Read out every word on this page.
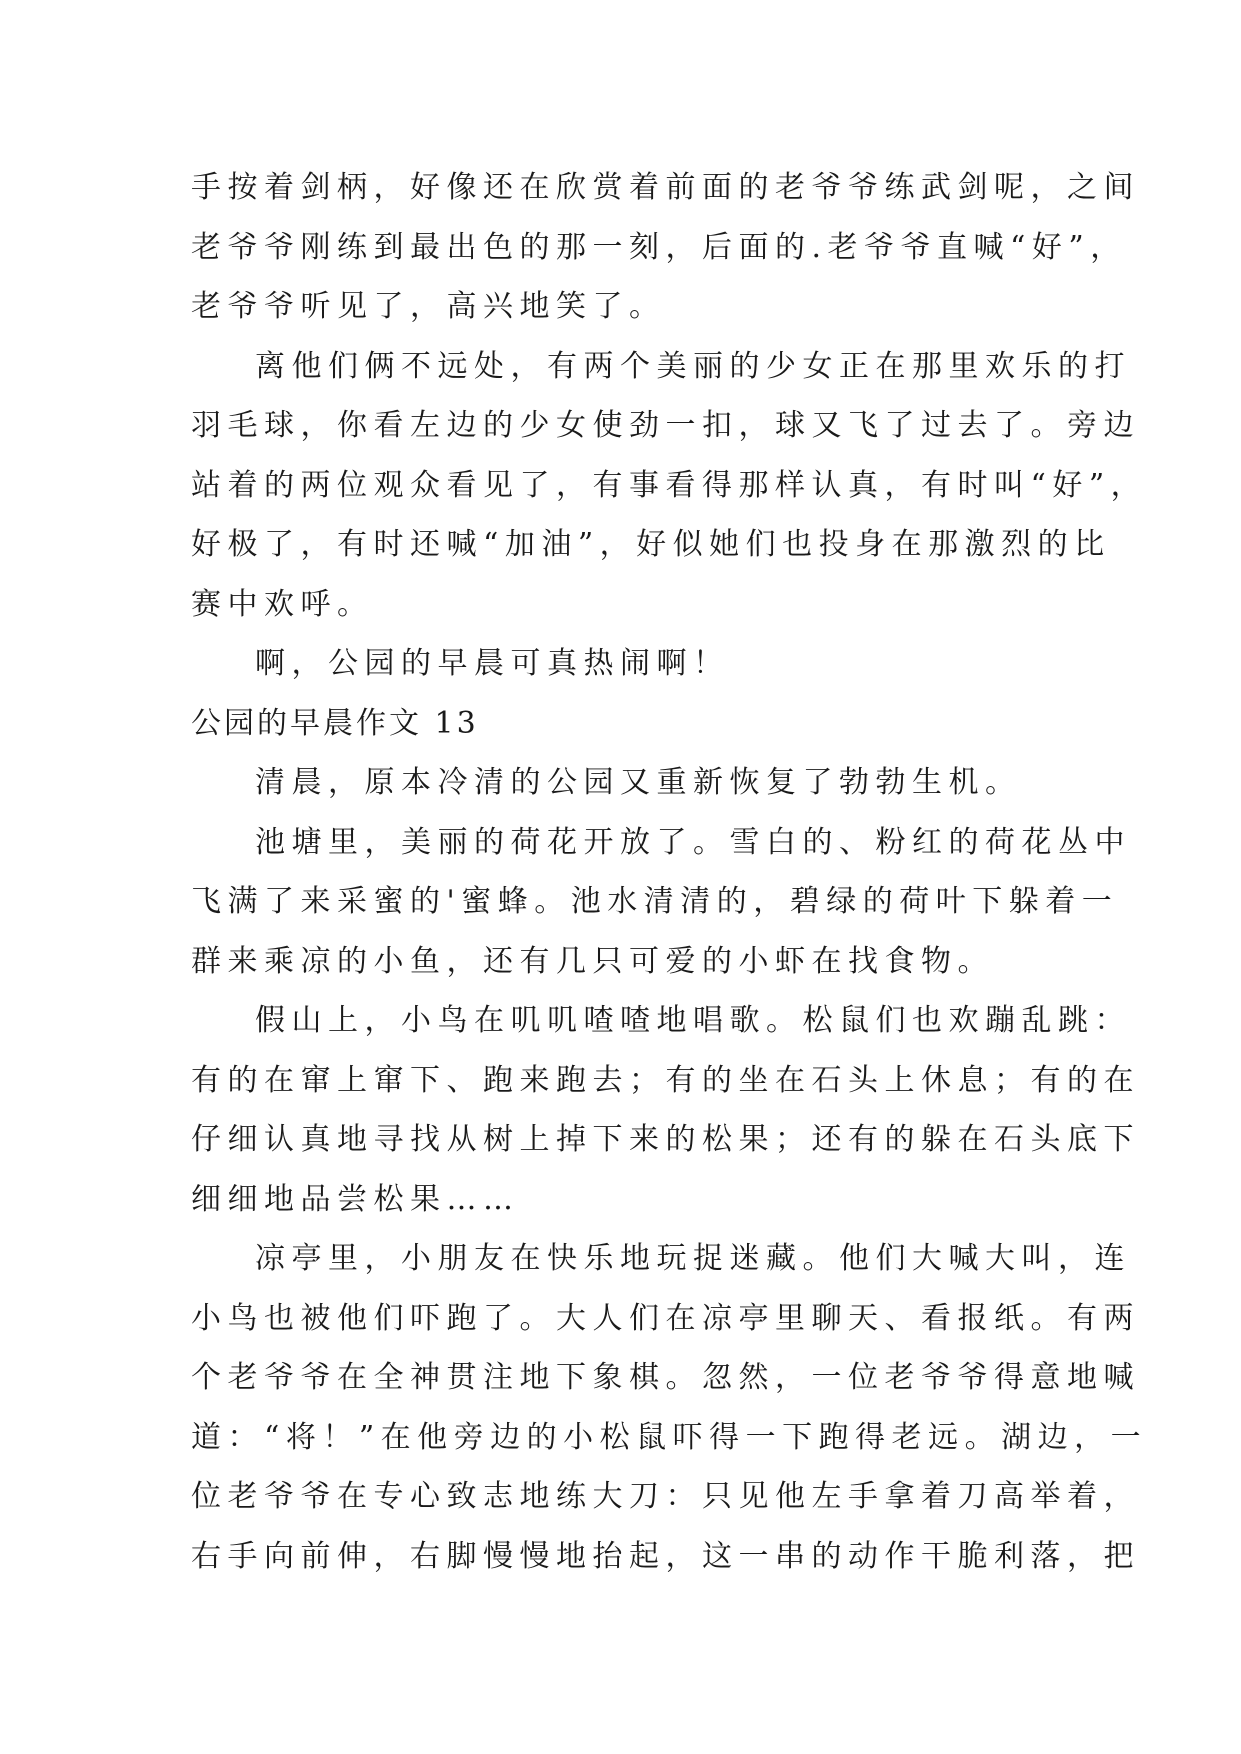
手按着剑柄，好像还在欣赏着前面的老爷爷练武剑呢，之间
老爷爷刚练到最出色的那一刻，后面的.老爷爷直喊“好”，
老爷爷听见了，高兴地笑了。
离他们俩不远处，有两个美丽的少女正在那里欢乐的打
羽毛球，你看左边的少女使劲一扣，球又飞了过去了。旁边
站着的两位观众看见了，有事看得那样认真，有时叫“好”，
好极了，有时还喊“加油”，好似她们也投身在那激烈的比
赛中欢呼。
啊，公园的早晨可真热闹啊！
公园的早晨作文 13
清晨，原本冷清的公园又重新恢复了勃勃生机。
池塘里，美丽的荷花开放了。雪白的、粉红的荷花丛中
飞满了来采蜜的'蜜蜂。池水清清的，碧绿的荷叶下躲着一
群来乘凉的小鱼，还有几只可爱的小虾在找食物。
假山上，小鸟在叽叽喳喳地唱歌。松鼠们也欢蹦乱跳：
有的在窜上窜下、跑来跑去；有的坐在石头上休息；有的在
仔细认真地寻找从树上掉下来的松果；还有的躲在石头底下
细细地品尝松果……
凉亭里，小朋友在快乐地玩捉迷藏。他们大喊大叫，连
小鸟也被他们吓跑了。大人们在凉亭里聊天、看报纸。有两
个老爷爷在全神贯注地下象棋。忽然，一位老爷爷得意地喊
道：“将！”在他旁边的小松鼠吓得一下跑得老远。湖边，一
位老爷爷在专心致志地练大刀：只见他左手拿着刀高举着，
右手向前伸，右脚慢慢地抬起，这一串的动作干脆利落，把
